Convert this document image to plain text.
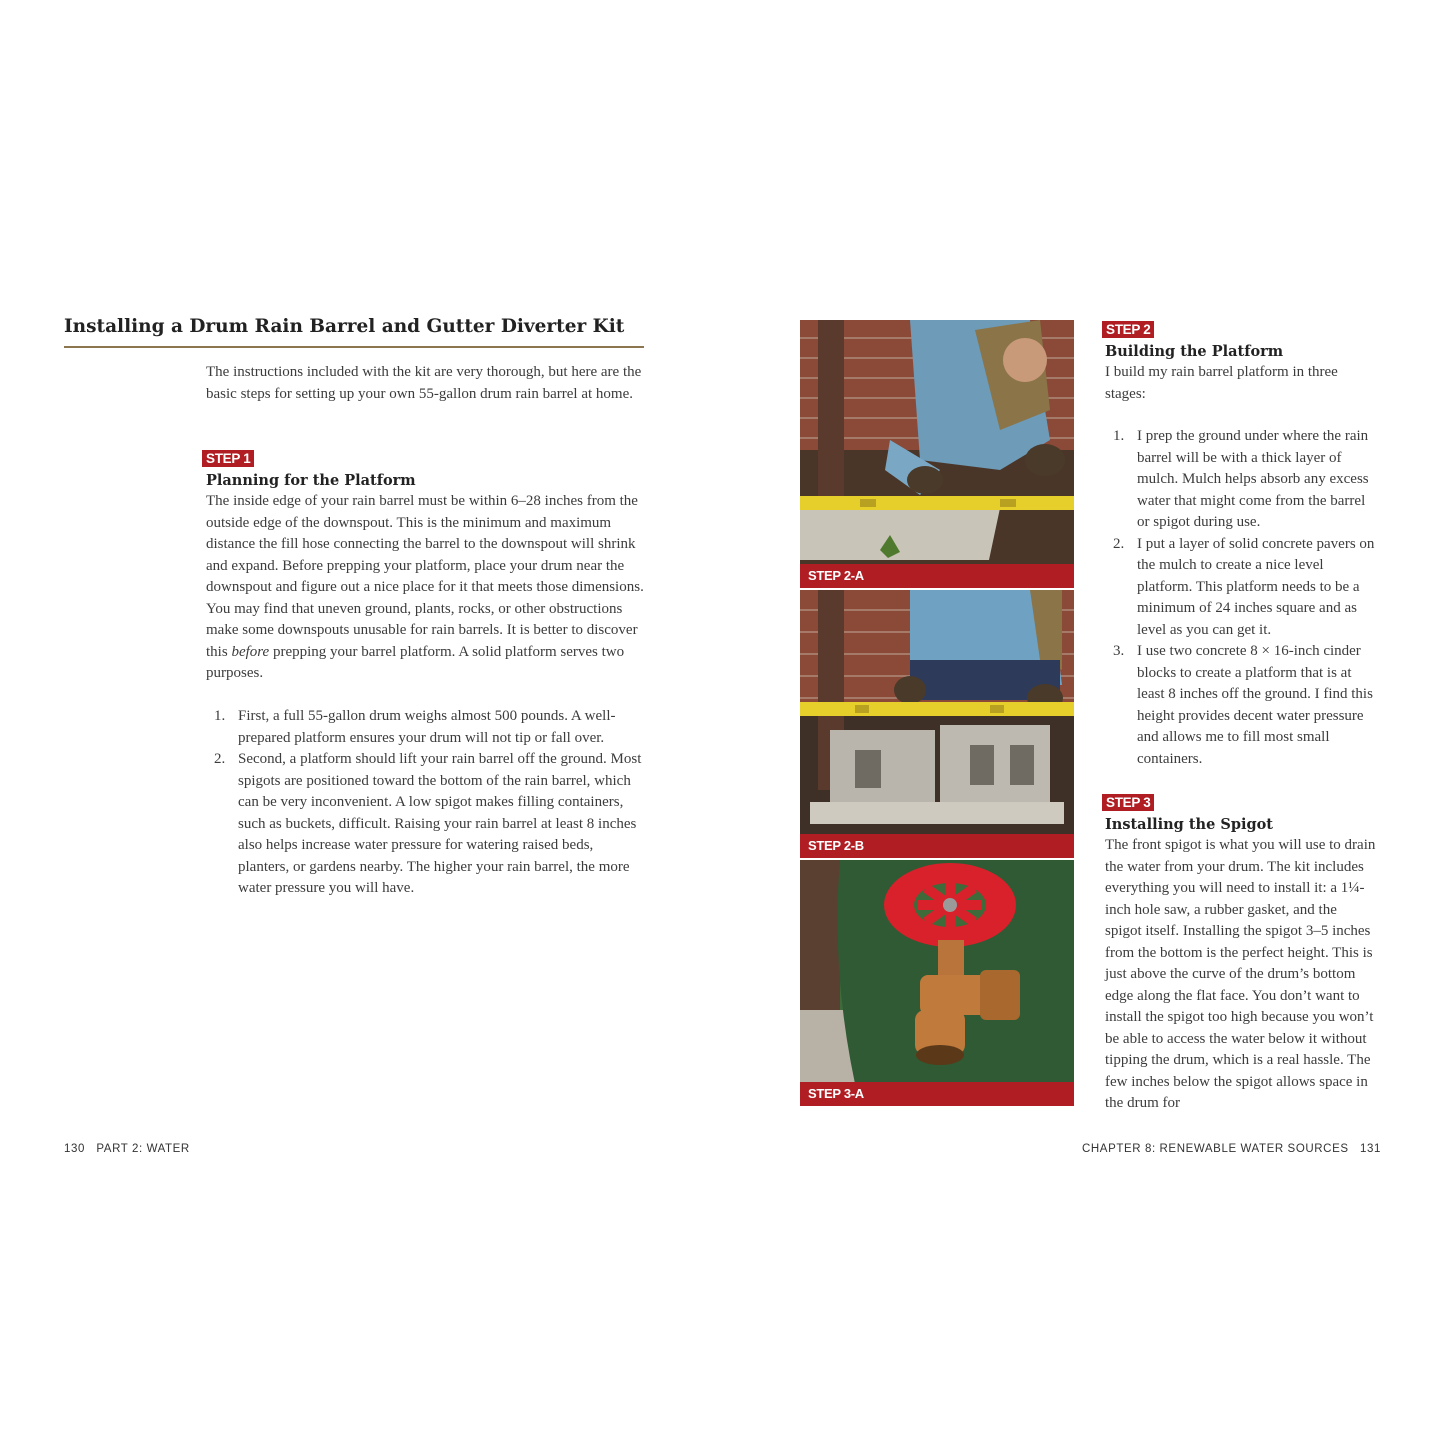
Installing a Drum Rain Barrel and Gutter Diverter Kit
The instructions included with the kit are very thorough, but here are the basic steps for setting up your own 55-gallon drum rain barrel at home.
STEP 1
Planning for the Platform
The inside edge of your rain barrel must be within 6–28 inches from the outside edge of the downspout. This is the minimum and maximum distance the fill hose connecting the barrel to the downspout will shrink and expand. Before prepping your platform, place your drum near the downspout and figure out a nice place for it that meets those dimensions. You may find that uneven ground, plants, rocks, or other obstructions make some downspouts unusable for rain barrels. It is better to discover this before prepping your barrel platform. A solid platform serves two purposes.
1. First, a full 55-gallon drum weighs almost 500 pounds. A well-prepared platform ensures your drum will not tip or fall over.
2. Second, a platform should lift your rain barrel off the ground. Most spigots are positioned toward the bottom of the rain barrel, which can be very inconvenient. A low spigot makes filling containers, such as buckets, difficult. Raising your rain barrel at least 8 inches also helps increase water pressure for watering raised beds, planters, or gardens nearby. The higher your rain barrel, the more water pressure you will have.
130 PART 2: WATER
STEP 2-A
STEP 2-B
STEP 3-A
STEP 2
Building the Platform
I build my rain barrel platform in three stages:
1. I prep the ground under where the rain barrel will be with a thick layer of mulch. Mulch helps absorb any excess water that might come from the barrel or spigot during use.
2. I put a layer of solid concrete pavers on the mulch to create a nice level platform. This platform needs to be a minimum of 24 inches square and as level as you can get it.
3. I use two concrete 8 × 16-inch cinder blocks to create a platform that is at least 8 inches off the ground. I find this height provides decent water pressure and allows me to fill most small containers.
STEP 3
Installing the Spigot
The front spigot is what you will use to drain the water from your drum. The kit includes everything you will need to install it: a 1¼-inch hole saw, a rubber gasket, and the spigot itself. Installing the spigot 3–5 inches from the bottom is the perfect height. This is just above the curve of the drum’s bottom edge along the flat face. You don’t want to install the spigot too high because you won’t be able to access the water below it without tipping the drum, which is a real hassle. The few inches below the spigot allows space in the drum for
CHAPTER 8: RENEWABLE WATER SOURCES 131
